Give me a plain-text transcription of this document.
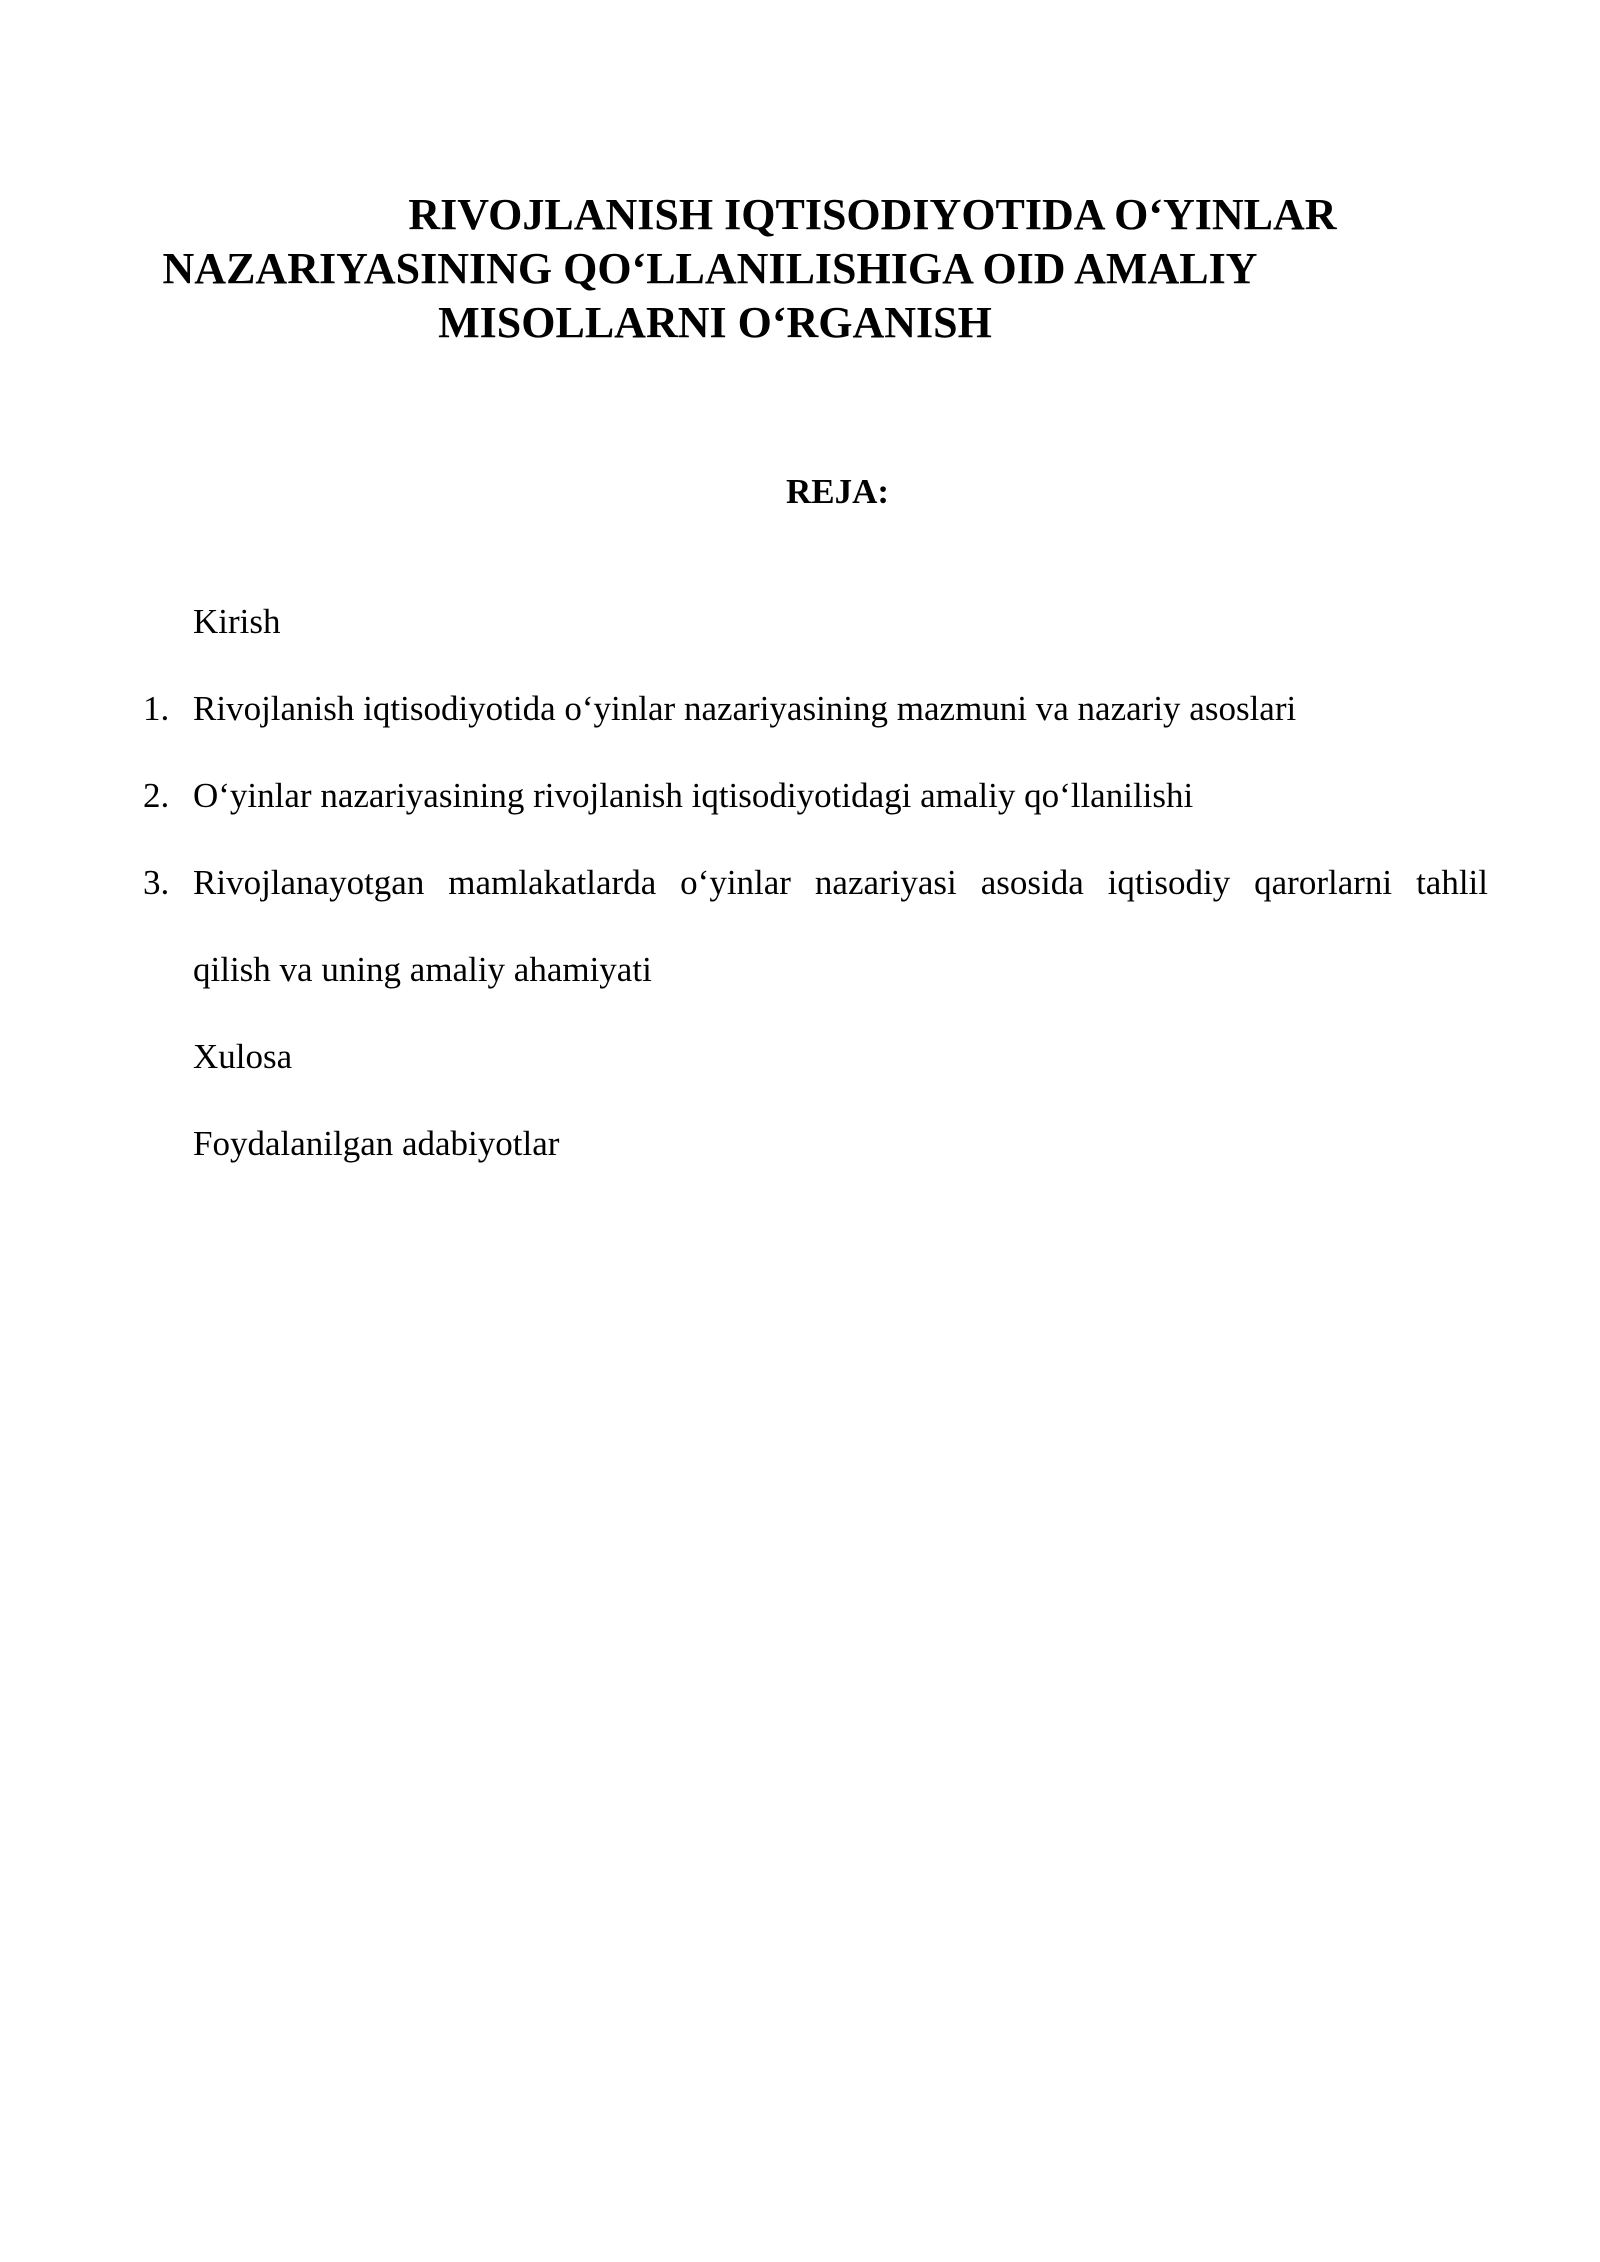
RIVOJLANISH IQTISODIYOTIDA O‘YINLAR
NAZARIYASINING QO‘LLANILISHIGA OID AMALIY
MISOLLARNI O‘RGANISH
REJA:
Kirish
1. Rivojlanish iqtisodiyotida o‘yinlar nazariyasining mazmuni va nazariy asoslari
2. O‘yinlar nazariyasining rivojlanish iqtisodiyotidagi amaliy qo‘llanilishi
3. Rivojlanayotgan mamlakatlarda o‘yinlar nazariyasi asosida iqtisodiy qarorlarni tahlil
qilish va uning amaliy ahamiyati
Xulosa
Foydalanilgan adabiyotlar
